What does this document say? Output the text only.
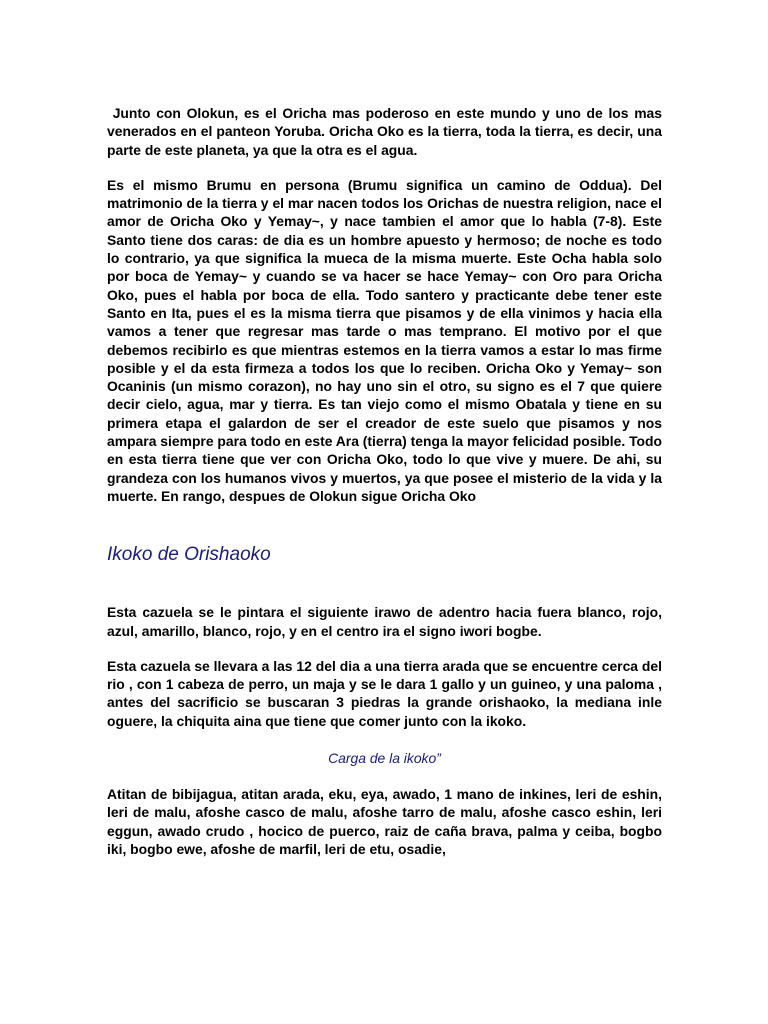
Junto con Olokun, es el Oricha mas poderoso en este mundo y uno de los mas venerados en el panteon Yoruba. Oricha Oko es la tierra, toda la tierra, es decir, una parte de este planeta, ya que la otra es el agua.

Es el mismo Brumu en persona (Brumu significa un camino de Oddua). Del matrimonio de la tierra y el mar nacen todos los Orichas de nuestra religion, nace el amor de Oricha Oko y Yemay~, y nace tambien el amor que lo habla (7-8). Este Santo tiene dos caras: de dia es un hombre apuesto y hermoso; de noche es todo lo contrario, ya que significa la mueca de la misma muerte. Este Ocha habla solo por boca de Yemay~ y cuando se va hacer se hace Yemay~ con Oro para Oricha Oko, pues el habla por boca de ella. Todo santero y practicante debe tener este Santo en Ita, pues el es la misma tierra que pisamos y de ella vinimos y hacia ella vamos a tener que regresar mas tarde o mas temprano. El motivo por el que debemos recibirlo es que mientras estemos en la tierra vamos a estar lo mas firme posible y el da esta firmeza a todos los que lo reciben. Oricha Oko y Yemay~ son Ocaninis (un mismo corazon), no hay uno sin el otro, su signo es el 7 que quiere decir cielo, agua, mar y tierra. Es tan viejo como el mismo Obatala y tiene en su primera etapa el galardon de ser el creador de este suelo que pisamos y nos ampara siempre para todo en este Ara (tierra) tenga la mayor felicidad posible. Todo en esta tierra tiene que ver con Oricha Oko, todo lo que vive y muere. De ahi, su grandeza con los humanos vivos y muertos, ya que posee el misterio de la vida y la muerte. En rango, despues de Olokun sigue Oricha Oko

Ikoko de Orishaoko

Esta cazuela se le pintara el siguiente irawo de adentro hacia fuera blanco, rojo, azul, amarillo, blanco, rojo, y en el centro ira el signo iwori bogbe.

Esta cazuela se llevara a las 12 del dia a una tierra arada que se encuentre cerca del rio , con 1 cabeza de perro, un maja y se le dara 1 gallo y un guineo, y una paloma , antes del sacrificio se buscaran 3 piedras la grande orishaoko, la mediana inle oguere, la chiquita aina que tiene que comer junto con la ikoko.

Carga de la ikoko”

Atitan de bibijagua, atitan arada, eku, eya, awado, 1 mano de inkines, leri de eshin, leri de malu, afoshe casco de malu, afoshe tarro de malu, afoshe casco eshin, leri eggun, awado crudo , hocico de puerco, raiz de caña brava, palma y ceiba, bogbo iki, bogbo ewe, afoshe de marfil, leri de etu, osadie,
